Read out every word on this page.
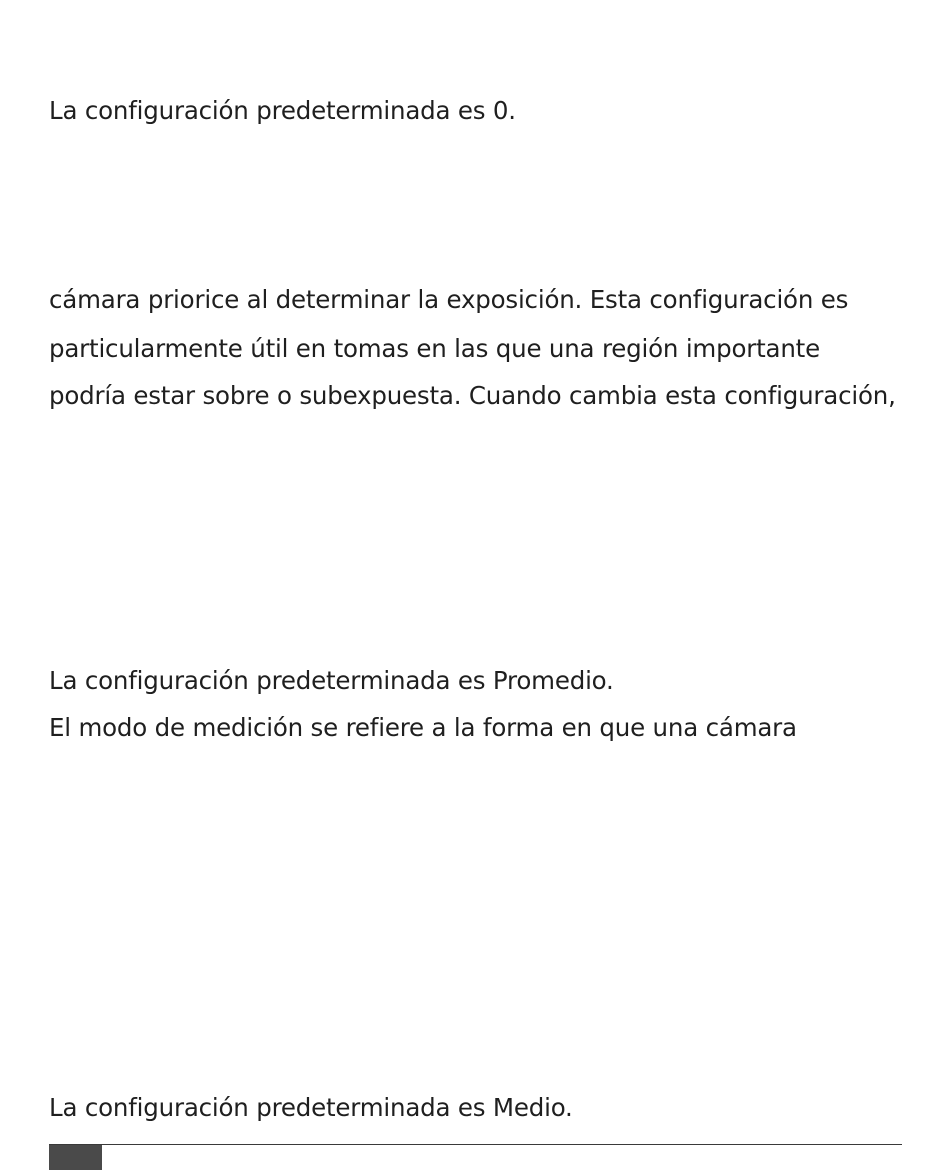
La configuración predeterminada es 0.
cámara priorice al determinar la exposición. Esta configuración es
particularmente útil en tomas en las que una región importante
podría estar sobre o subexpuesta. Cuando cambia esta configuración,
La configuración predeterminada es Promedio.
El modo de medición se refiere a la forma en que una cámara
La configuración predeterminada es Medio.
